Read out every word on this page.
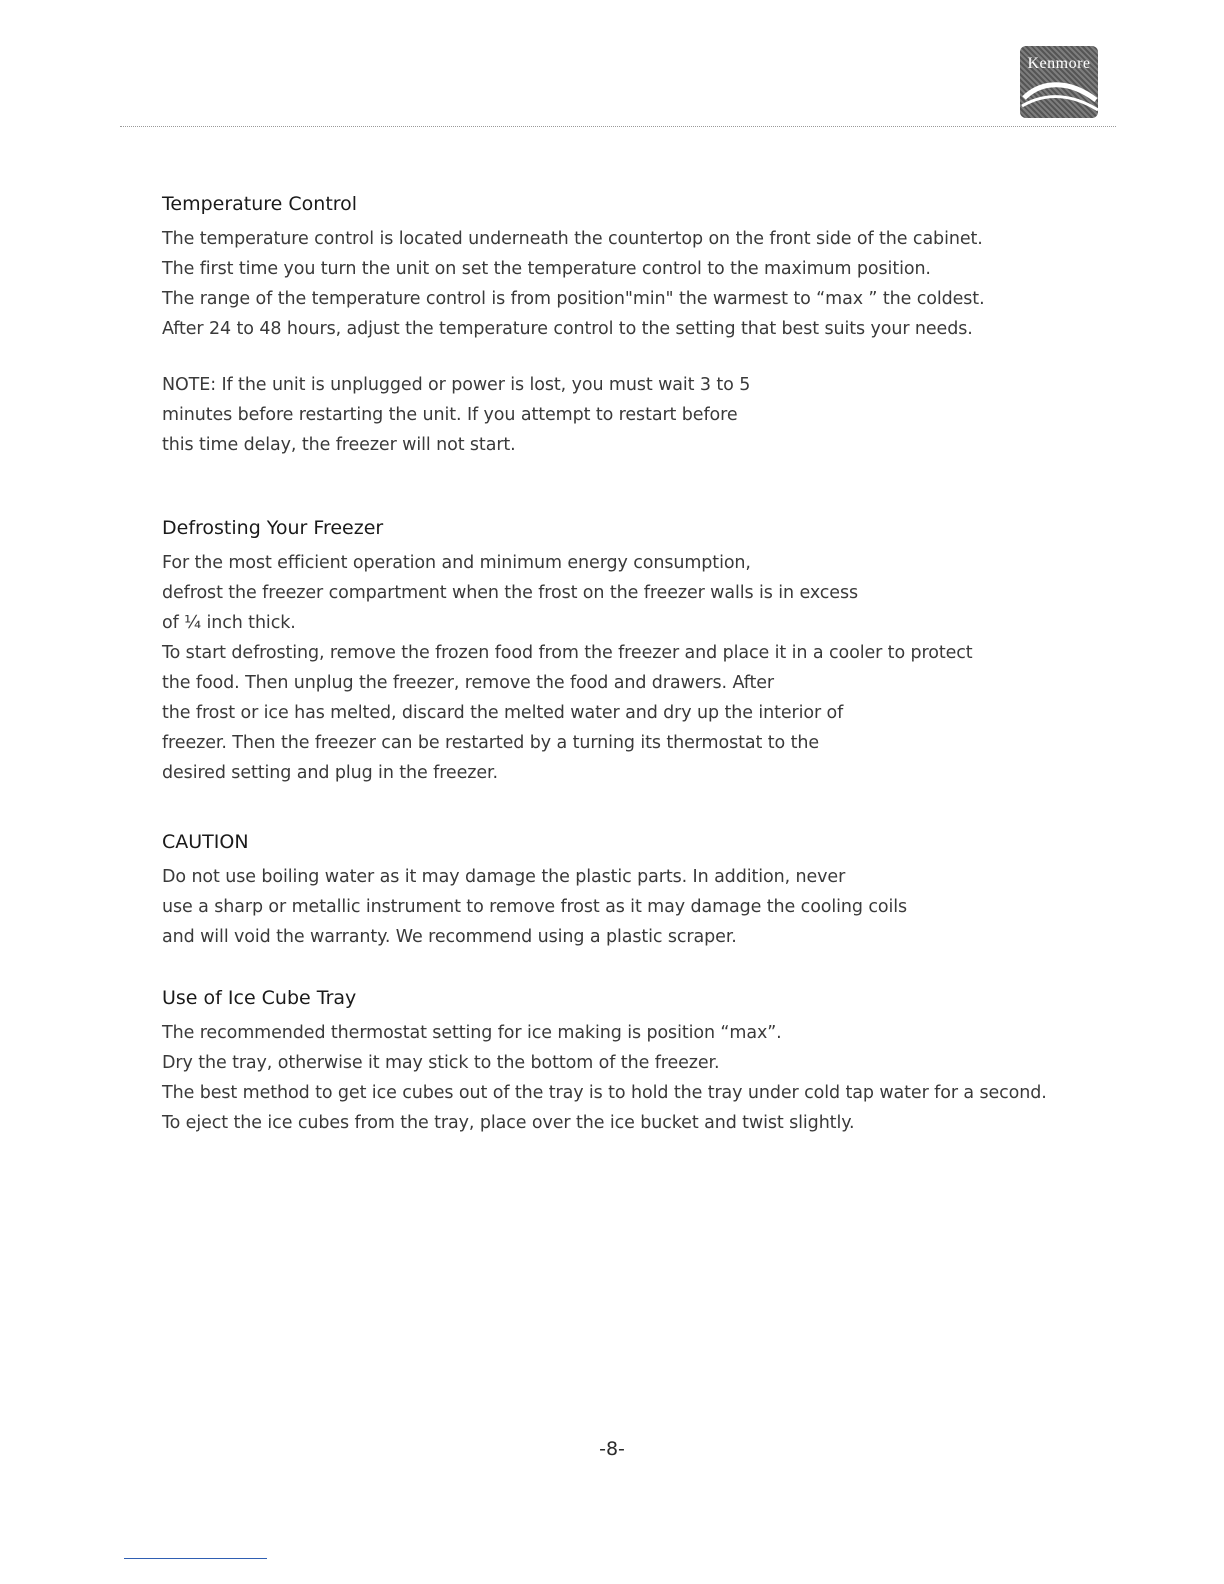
Kenmore
Temperature Control

The temperature control is located underneath the countertop on the front side of the cabinet.

The first time you turn the unit on set the temperature control to the maximum position.

The range of the temperature control is from position"min" the warmest to “max ” the coldest.

After 24 to 48 hours, adjust the temperature control to the setting that best suits your needs.

NOTE: If the unit is unplugged or power is lost, you must wait 3 to 5

minutes before restarting the unit. If you attempt to restart before

this time delay, the freezer will not start.

Defrosting Your Freezer

For the most efficient operation and minimum energy consumption,

defrost the freezer compartment when the frost on the freezer walls is in excess

of ¼ inch thick.

To start defrosting, remove the frozen food from the freezer and place it in a cooler to protect

the food. Then unplug the freezer, remove the food and drawers. After

the frost or ice has melted, discard the melted water and dry up the interior of

freezer. Then the freezer can be restarted by a turning its thermostat to the

desired setting and plug in the freezer.

CAUTION

Do not use boiling water as it may damage the plastic parts. In addition, never

use a sharp or metallic instrument to remove frost as it may damage the cooling coils

and will void the warranty. We recommend using a plastic scraper.

Use of Ice Cube Tray

The recommended thermostat setting for ice making is position “max”.

Dry the tray, otherwise it may stick to the bottom of the freezer.

The best method to get ice cubes out of the tray is to hold the tray under cold tap water for a second.

To eject the ice cubes from the tray, place over the ice bucket and twist slightly.

-8-
